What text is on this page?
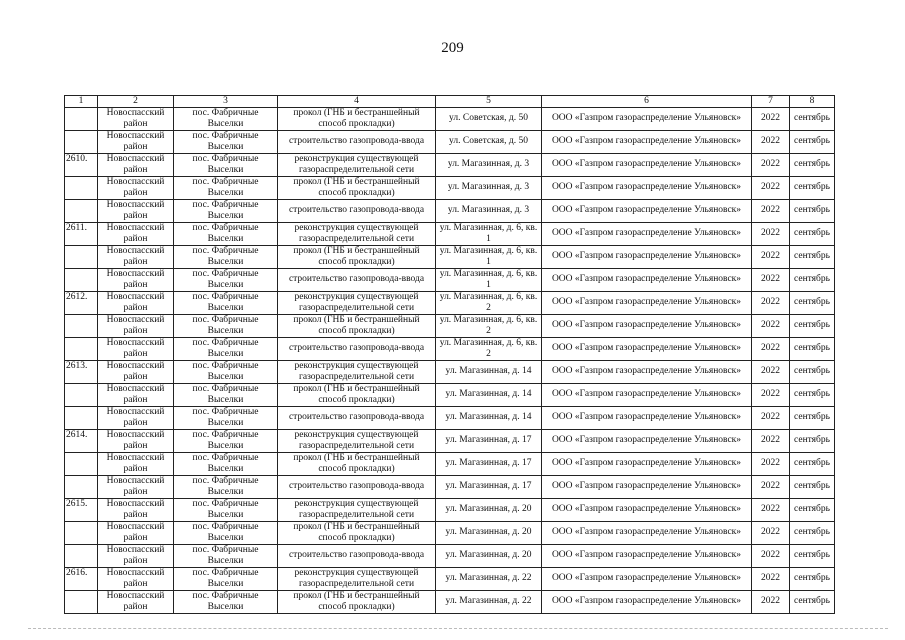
209
1	2	3	4	5	6	7	8
	Новоспасский район	пос. Фабричные Выселки	прокол (ГНБ и бестраншейный способ прокладки)	ул. Советская, д. 50	ООО «Газпром газораспределение Ульяновск»	2022	сентябрь
	Новоспасский район	пос. Фабричные Выселки	строительство газопровода-ввода	ул. Советская, д. 50	ООО «Газпром газораспределение Ульяновск»	2022	сентябрь
2610.	Новоспасский район	пос. Фабричные Выселки	реконструкция существующей газораспределительной сети	ул. Магазинная, д. 3	ООО «Газпром газораспределение Ульяновск»	2022	сентябрь
	Новоспасский район	пос. Фабричные Выселки	прокол (ГНБ и бестраншейный способ прокладки)	ул. Магазинная, д. 3	ООО «Газпром газораспределение Ульяновск»	2022	сентябрь
	Новоспасский район	пос. Фабричные Выселки	строительство газопровода-ввода	ул. Магазинная, д. 3	ООО «Газпром газораспределение Ульяновск»	2022	сентябрь
2611.	Новоспасский район	пос. Фабричные Выселки	реконструкция существующей газораспределительной сети	ул. Магазинная, д. 6, кв. 1	ООО «Газпром газораспределение Ульяновск»	2022	сентябрь
	Новоспасский район	пос. Фабричные Выселки	прокол (ГНБ и бестраншейный способ прокладки)	ул. Магазинная, д. 6, кв. 1	ООО «Газпром газораспределение Ульяновск»	2022	сентябрь
	Новоспасский район	пос. Фабричные Выселки	строительство газопровода-ввода	ул. Магазинная, д. 6, кв. 1	ООО «Газпром газораспределение Ульяновск»	2022	сентябрь
2612.	Новоспасский район	пос. Фабричные Выселки	реконструкция существующей газораспределительной сети	ул. Магазинная, д. 6, кв. 2	ООО «Газпром газораспределение Ульяновск»	2022	сентябрь
	Новоспасский район	пос. Фабричные Выселки	прокол (ГНБ и бестраншейный способ прокладки)	ул. Магазинная, д. 6, кв. 2	ООО «Газпром газораспределение Ульяновск»	2022	сентябрь
	Новоспасский район	пос. Фабричные Выселки	строительство газопровода-ввода	ул. Магазинная, д. 6, кв. 2	ООО «Газпром газораспределение Ульяновск»	2022	сентябрь
2613.	Новоспасский район	пос. Фабричные Выселки	реконструкция существующей газораспределительной сети	ул. Магазинная, д. 14	ООО «Газпром газораспределение Ульяновск»	2022	сентябрь
	Новоспасский район	пос. Фабричные Выселки	прокол (ГНБ и бестраншейный способ прокладки)	ул. Магазинная, д. 14	ООО «Газпром газораспределение Ульяновск»	2022	сентябрь
	Новоспасский район	пос. Фабричные Выселки	строительство газопровода-ввода	ул. Магазинная, д. 14	ООО «Газпром газораспределение Ульяновск»	2022	сентябрь
2614.	Новоспасский район	пос. Фабричные Выселки	реконструкция существующей газораспределительной сети	ул. Магазинная, д. 17	ООО «Газпром газораспределение Ульяновск»	2022	сентябрь
	Новоспасский район	пос. Фабричные Выселки	прокол (ГНБ и бестраншейный способ прокладки)	ул. Магазинная, д. 17	ООО «Газпром газораспределение Ульяновск»	2022	сентябрь
	Новоспасский район	пос. Фабричные Выселки	строительство газопровода-ввода	ул. Магазинная, д. 17	ООО «Газпром газораспределение Ульяновск»	2022	сентябрь
2615.	Новоспасский район	пос. Фабричные Выселки	реконструкция существующей газораспределительной сети	ул. Магазинная, д. 20	ООО «Газпром газораспределение Ульяновск»	2022	сентябрь
	Новоспасский район	пос. Фабричные Выселки	прокол (ГНБ и бестраншейный способ прокладки)	ул. Магазинная, д. 20	ООО «Газпром газораспределение Ульяновск»	2022	сентябрь
	Новоспасский район	пос. Фабричные Выселки	строительство газопровода-ввода	ул. Магазинная, д. 20	ООО «Газпром газораспределение Ульяновск»	2022	сентябрь
2616.	Новоспасский район	пос. Фабричные Выселки	реконструкция существующей газораспределительной сети	ул. Магазинная, д. 22	ООО «Газпром газораспределение Ульяновск»	2022	сентябрь
	Новоспасский район	пос. Фабричные Выселки	прокол (ГНБ и бестраншейный способ прокладки)	ул. Магазинная, д. 22	ООО «Газпром газораспределение Ульяновск»	2022	сентябрь
